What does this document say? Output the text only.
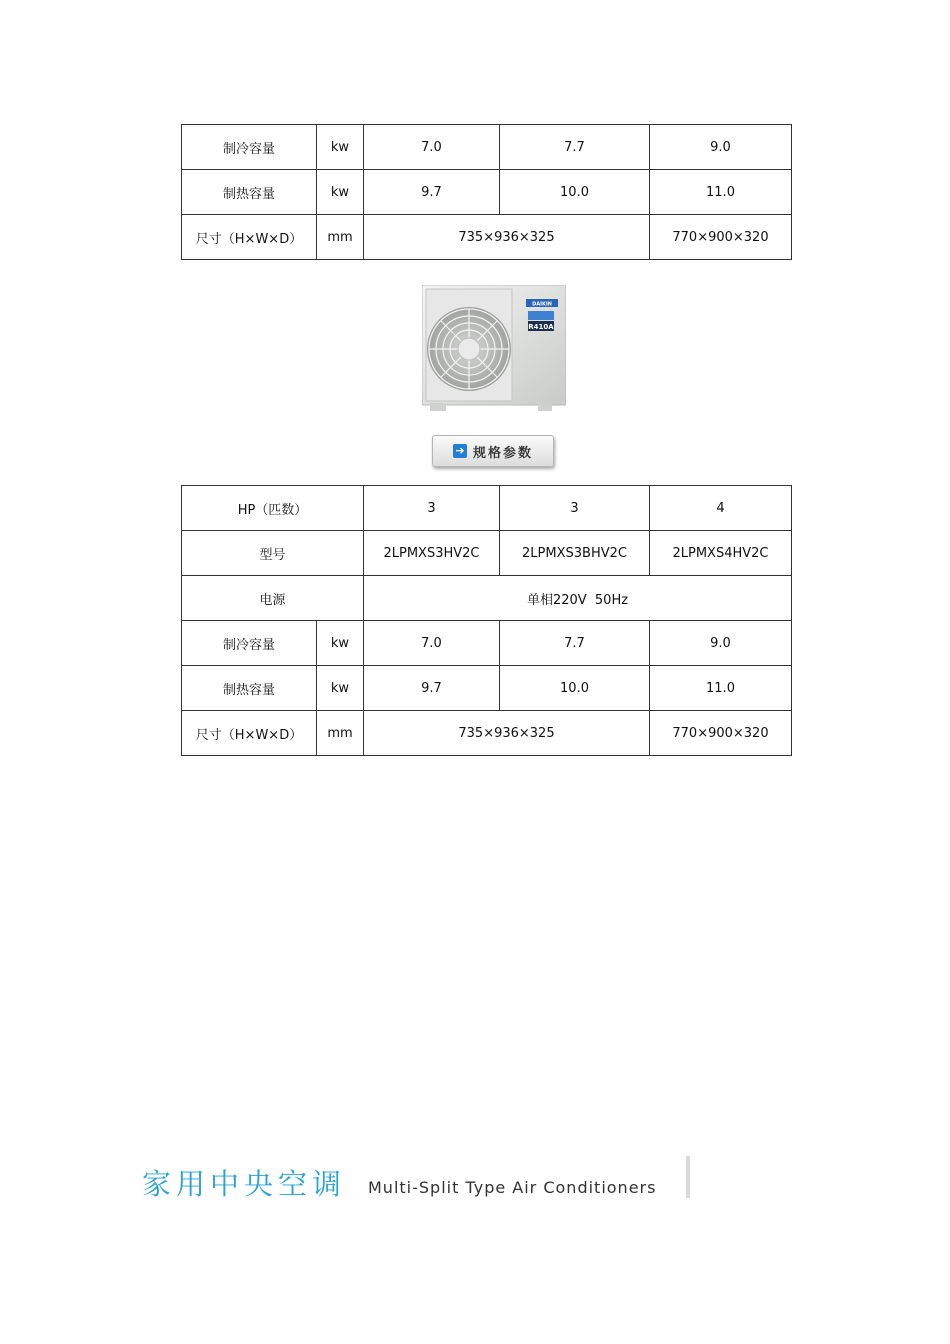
制冷容量	kw	7.0	7.7	9.0
制热容量	kw	9.7	10.0	11.0
尺寸（H×W×D）	mm	735×936×325		770×900×320
DAIKIN
R410A
➔ 规格参数
HP（匹数）		3	3	4
型号		2LPMXS3HV2C	2LPMXS3BHV2C	2LPMXS4HV2C
电源		单相220V  50Hz		
制冷容量	kw	7.0	7.7	9.0
制热容量	kw	9.7	10.0	11.0
尺寸（H×W×D）	mm	735×936×325		770×900×320
家用中央空调 Multi-Split Type Air Conditioners
